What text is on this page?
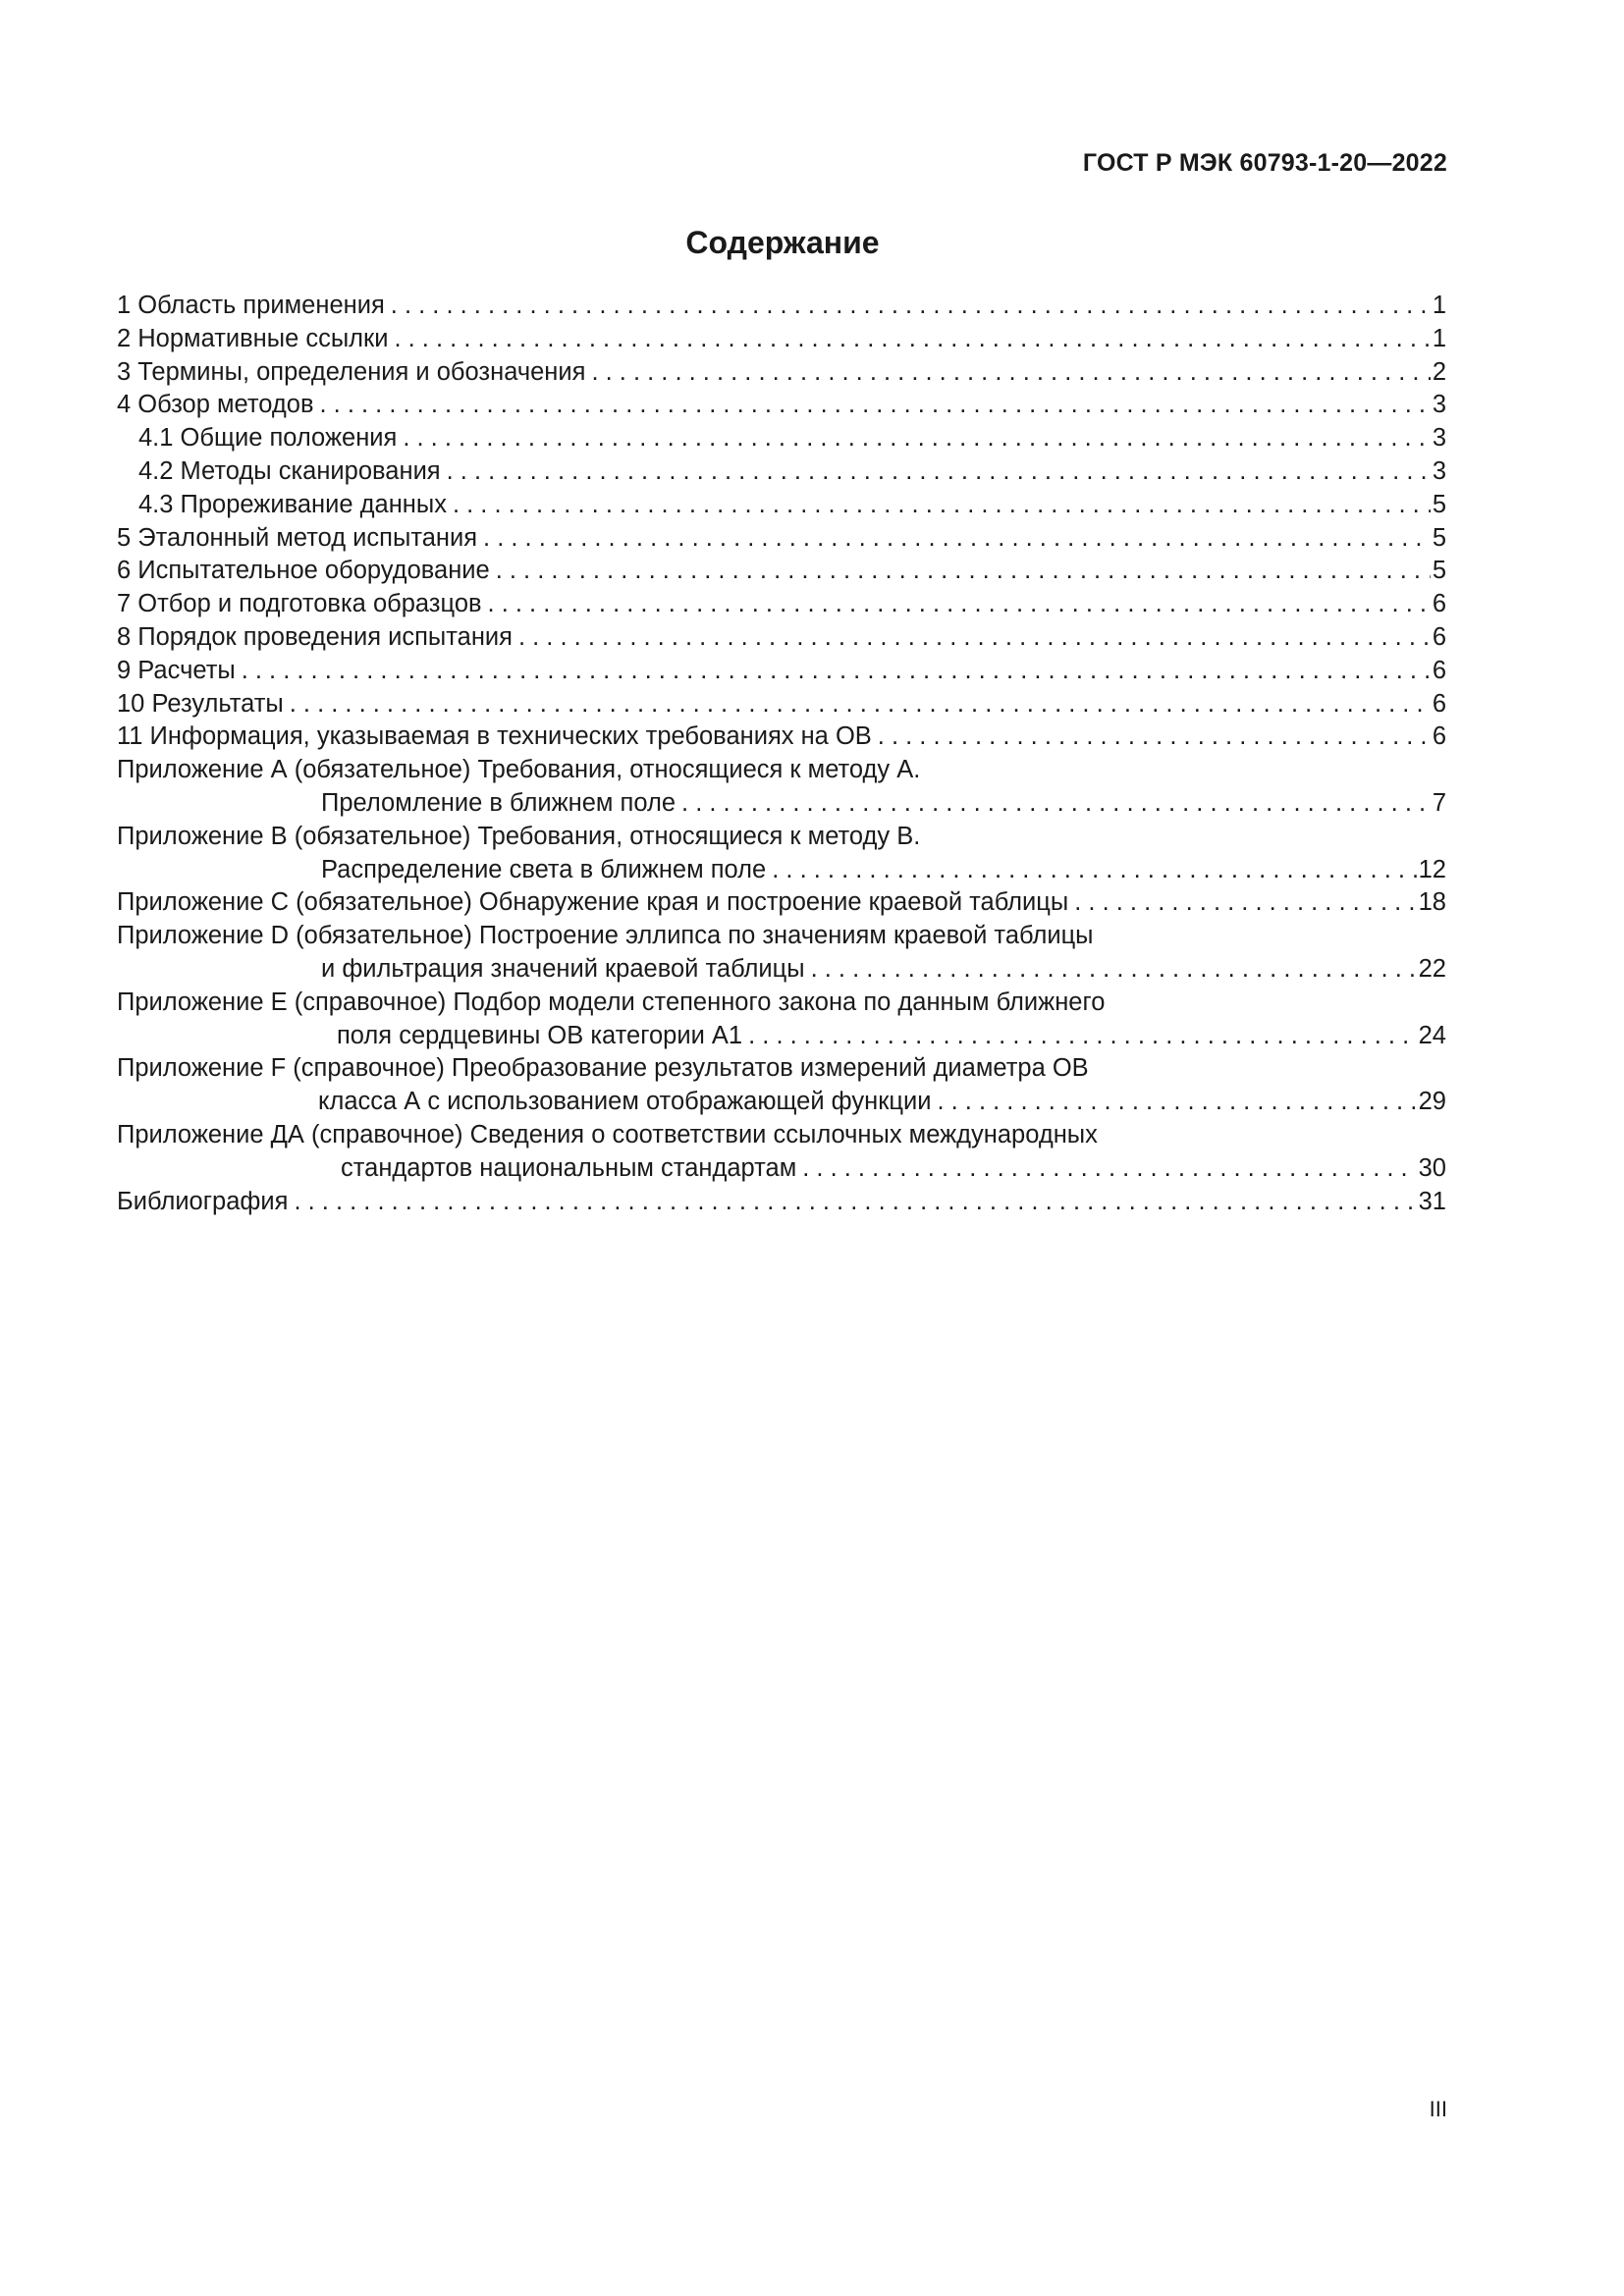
ГОСТ Р МЭК 60793-1-20—2022
Содержание
1 Область применения . . .	1
2 Нормативные ссылки . . .	1
3 Термины, определения и обозначения . . .	2
4 Обзор методов . . .	3
4.1 Общие положения . . .	3
4.2 Методы сканирования . . .	3
4.3 Прореживание данных . . .	5
5 Эталонный метод испытания . . .	5
6 Испытательное оборудование . . .	5
7 Отбор и подготовка образцов . . .	6
8 Порядок проведения испытания . . .	6
9 Расчеты . . .	6
10 Результаты . . .	6
11 Информация, указываемая в технических требованиях на ОВ . . .	6
Приложение А (обязательное) Требования, относящиеся к методу А.
Преломление в ближнем поле . . .	7
Приложение В (обязательное) Требования, относящиеся к методу В.
Распределение света в ближнем поле . . .	12
Приложение С (обязательное) Обнаружение края и построение краевой таблицы . . .	18
Приложение D (обязательное) Построение эллипса по значениям краевой таблицы
и фильтрация значений краевой таблицы . . .	22
Приложение Е (справочное) Подбор модели степенного закона по данным ближнего
поля сердцевины ОВ категории А1 . . .	24
Приложение F (справочное) Преобразование результатов измерений диаметра ОВ
класса А с использованием отображающей функции . . .	29
Приложение ДА (справочное) Сведения о соответствии ссылочных международных
стандартов национальным стандартам . . .	30
Библиография . . .	31
III
